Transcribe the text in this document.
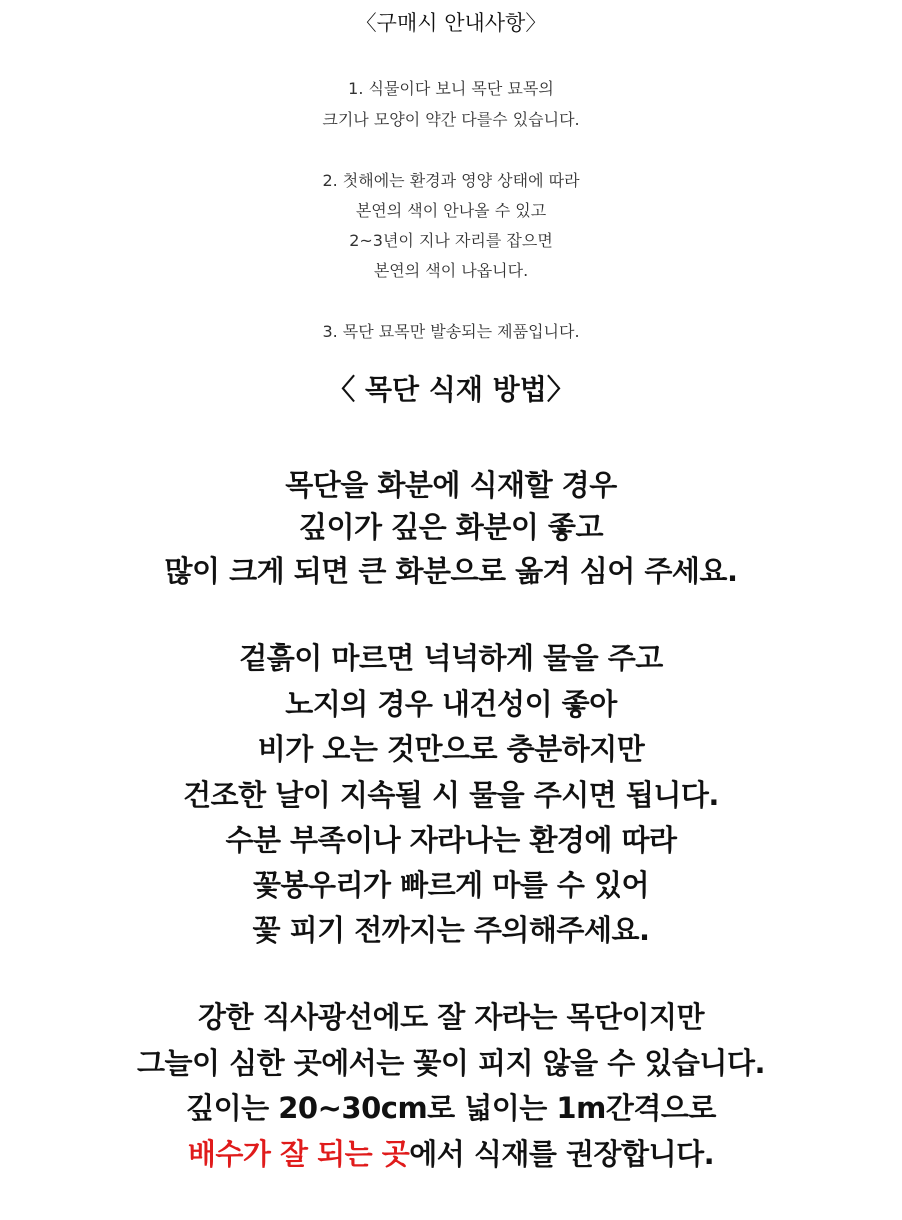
〈구매시 안내사항〉
1. 식물이다 보니 목단 묘목의
크기나 모양이 약간 다를수 있습니다.
2. 첫해에는 환경과 영양 상태에 따라
본연의 색이 안나올 수 있고
2~3년이 지나 자리를 잡으면
본연의 색이 나옵니다.
3. 목단 묘목만 발송되는 제품입니다.
〈 목단 식재 방법〉
목단을 화분에 식재할 경우
깊이가 깊은 화분이 좋고
많이 크게 되면 큰 화분으로 옮겨 심어 주세요.
겉흙이 마르면 넉넉하게 물을 주고
노지의 경우 내건성이 좋아
비가 오는 것만으로 충분하지만
건조한 날이 지속될 시 물을 주시면 됩니다.
수분 부족이나 자라나는 환경에 따라
꽃봉우리가 빠르게 마를 수 있어
꽃 피기 전까지는 주의해주세요.
강한 직사광선에도 잘 자라는 목단이지만
그늘이 심한 곳에서는 꽃이 피지 않을 수 있습니다.
깊이는 20~30cm로 넓이는 1m간격으로
배수가 잘 되는 곳에서 식재를 권장합니다.
